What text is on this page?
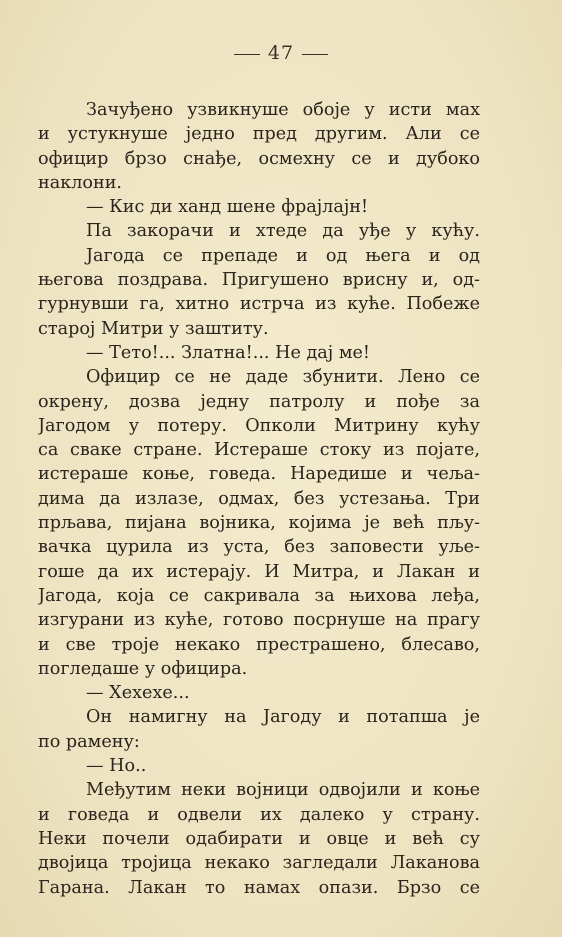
47
Зачуђено узвикнуше обоје у исти мах
и устукнуше једно пред другим. Али се
официр брзо снађе, осмехну се и дубоко
наклони.
— Кис ди ханд шене фрајлајн!
Па закорачи и хтеде да уђе у кућу.
Јагода се препаде и од њега и од
његова поздрава. Пригушено врисну и, од-
гурнувши га, хитно истрча из куће. Побеже
старој Митри у заштиту.
— Тето!... Златна!... Не дај ме!
Официр се не даде збунити. Лено се
окрену, дозва једну патролу и пође за
Јагодом у потеру. Опколи Митрину кућу
са сваке стране. Истераше стоку из појате,
истераше коње, говеда. Наредише и чеља-
дима да излазе, одмах, без устезања. Три
прљава, пијана војника, којима је већ пљу-
вачка цурила из уста, без заповести уље-
гоше да их истерају. И Митра, и Лакан и
Јагода, која се сакривала за њихова леђа,
изгурани из куће, готово посрнуше на прагу
и све троје некако престрашено, блесаво,
погледаше у официра.
— Хехехе...
Он намигну на Јагоду и потапша је
по рамену:
— Но..
Међутим неки војници одвојили и коње
и говеда и одвели их далеко у страну.
Неки почели одабирати и овце и већ су
двојица тројица некако загледали Лаканова
Гарана. Лакан то намах опази. Брзо се
